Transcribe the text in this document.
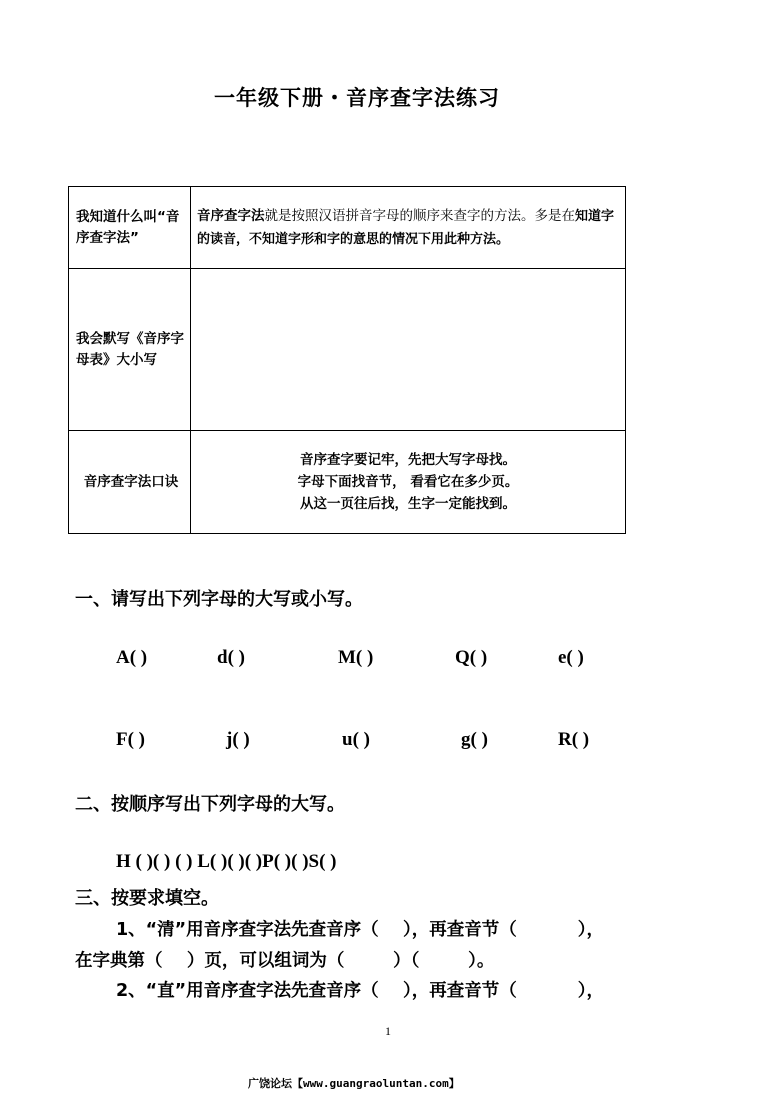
一年级下册・音序查字法练习
我知道什么叫“音序查字法”	音序查字法就是按照汉语拼音字母的顺序来查字的方法。多是在知道字的读音，不知道字形和字的意思的情况下用此种方法。
我会默写《音序字母表》大小写	
音序查字法口诀	音序查字要记牢，先把大写字母找。
字母下面找音节， 看看它在多少页。
从这一页往后找，生字一定能找到。
一、请写出下列字母的大写或小写。
A( )	d( )	M( )	Q( )	e( )
F( )	j( )	u( )	g( )	R( )
二、按顺序写出下列字母的大写。
H ( )( ) ( ) L( )( )( )P( )( )S( )
三、按要求填空。
1、“清”用音序查字法先查音序（    ），再查音节（          ），
在字典第（    ）页，可以组词为（        ）（        ）。
2、“直”用音序查字法先查音序（    ），再查音节（          ），
1
广饶论坛【www.guangraoluntan.com】
